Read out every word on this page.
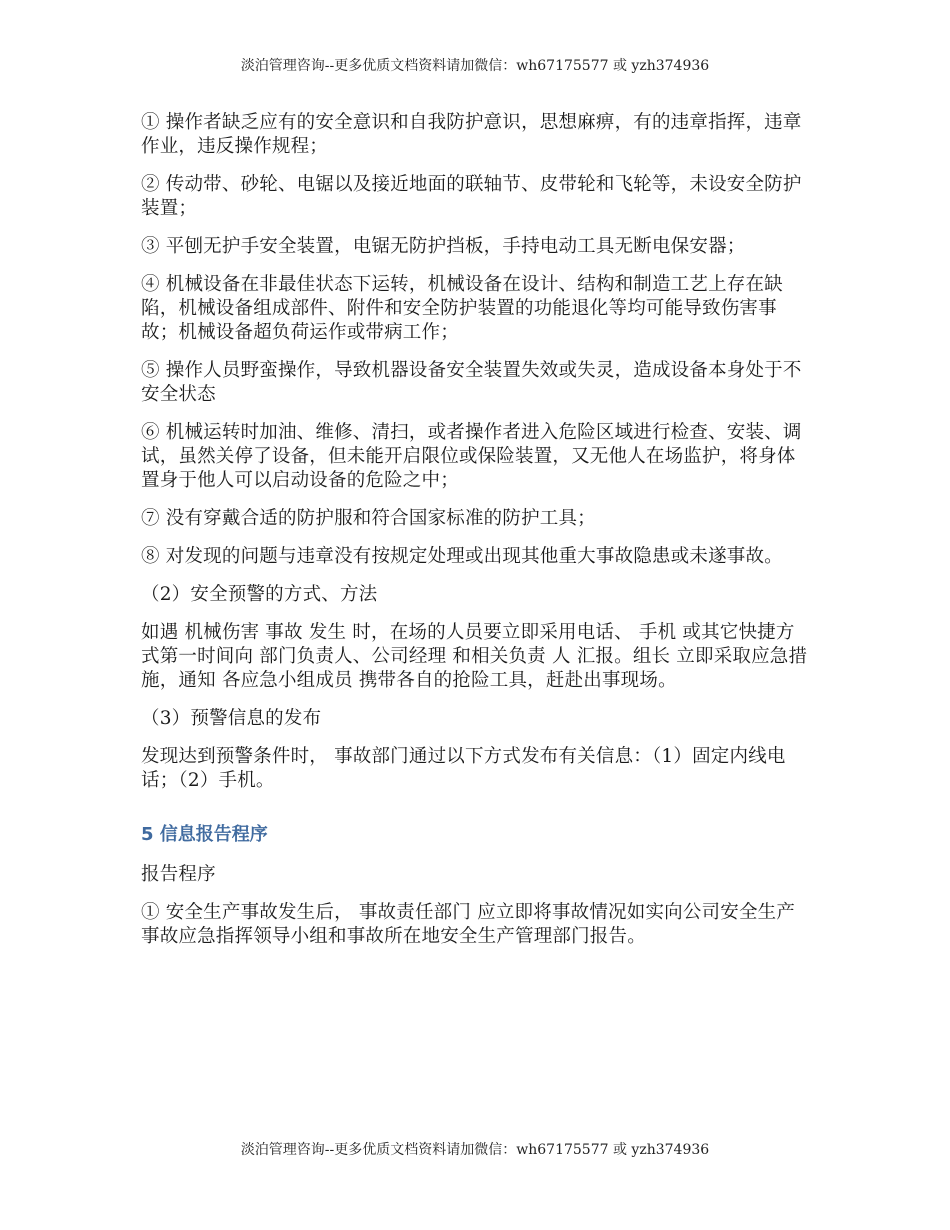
淡泊管理咨询--更多优质文档资料请加微信：wh67175577 或 yzh374936

① 操作者缺乏应有的安全意识和自我防护意识，思想麻痹，有的违章指挥，违章作业，违反操作规程；

② 传动带、砂轮、电锯以及接近地面的联轴节、皮带轮和飞轮等，未设安全防护装置；

③ 平刨无护手安全装置，电锯无防护挡板，手持电动工具无断电保安器；

④ 机械设备在非最佳状态下运转，机械设备在设计、结构和制造工艺上存在缺陷，机械设备组成部件、附件和安全防护装置的功能退化等均可能导致伤害事故；机械设备超负荷运作或带病工作；

⑤ 操作人员野蛮操作，导致机器设备安全装置失效或失灵，造成设备本身处于不安全状态

⑥ 机械运转时加油、维修、清扫，或者操作者进入危险区域进行检查、安装、调试，虽然关停了设备，但未能开启限位或保险装置，又无他人在场监护，将身体置身于他人可以启动设备的危险之中；

⑦ 没有穿戴合适的防护服和符合国家标准的防护工具；

⑧ 对发现的问题与违章没有按规定处理或出现其他重大事故隐患或未遂事故。

（2）安全预警的方式、方法

如遇 机械伤害 事故 发生 时，在场的人员要立即采用电话、 手机 或其它快捷方式第一时间向 部门负责人、公司经理 和相关负责 人 汇报。组长 立即采取应急措施，通知 各应急小组成员 携带各自的抢险工具，赶赴出事现场。

（3）预警信息的发布

发现达到预警条件时， 事故部门通过以下方式发布有关信息：（1）固定内线电话；（2）手机。

5 信息报告程序

报告程序

① 安全生产事故发生后， 事故责任部门 应立即将事故情况如实向公司安全生产事故应急指挥领导小组和事故所在地安全生产管理部门报告。

淡泊管理咨询--更多优质文档资料请加微信：wh67175577 或 yzh374936
